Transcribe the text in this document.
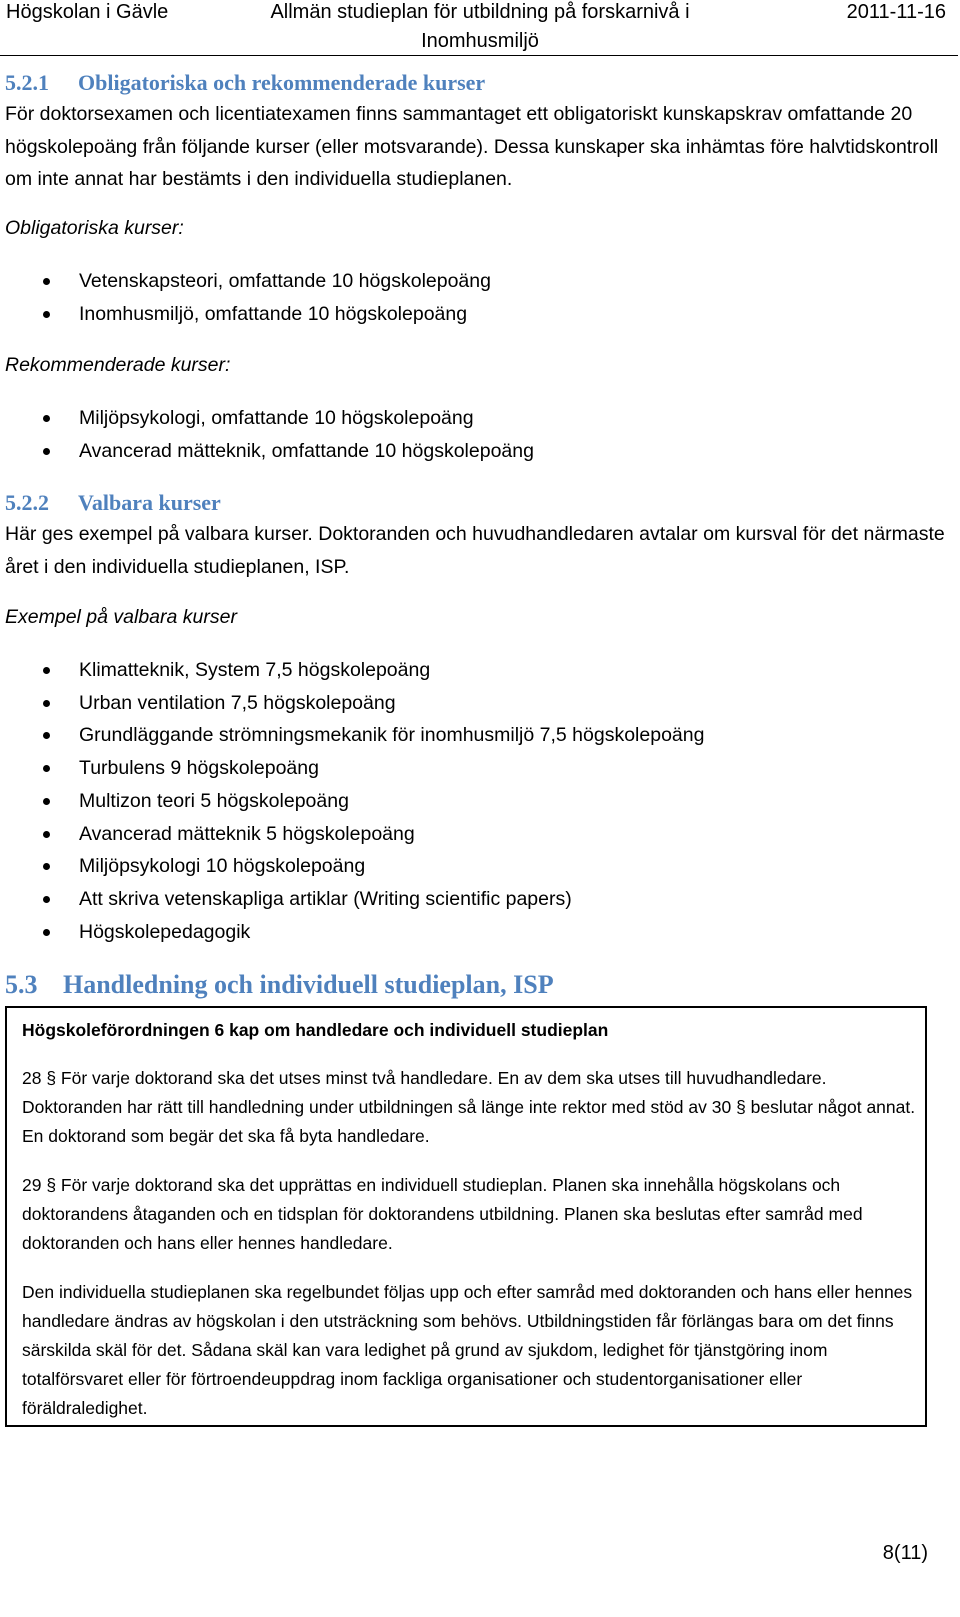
Högskolan i Gävle	Allmän studieplan för utbildning på forskarnivå i Inomhusmiljö
2011-11-16
5.2.1 Obligatoriska och rekommenderade kurser
För doktorsexamen och licentiatexamen finns sammantaget ett obligatoriskt kunskapskrav omfattande 20 högskolepoäng från följande kurser (eller motsvarande). Dessa kunskaper ska inhämtas före halvtidskontroll om inte annat har bestämts i den individuella studieplanen.
Obligatoriska kurser:
Vetenskapsteori, omfattande 10 högskolepoäng
Inomhusmiljö, omfattande 10 högskolepoäng
Rekommenderade kurser:
Miljöpsykologi, omfattande 10 högskolepoäng
Avancerad mätteknik, omfattande 10 högskolepoäng
5.2.2 Valbara kurser
Här ges exempel på valbara kurser. Doktoranden och huvudhandledaren avtalar om kursval för det närmaste året i den individuella studieplanen, ISP.
Exempel på valbara kurser
Klimatteknik, System 7,5 högskolepoäng
Urban ventilation 7,5 högskolepoäng
Grundläggande strömningsmekanik för inomhusmiljö 7,5 högskolepoäng
Turbulens 9 högskolepoäng
Multizon teori 5 högskolepoäng
Avancerad mätteknik 5 högskolepoäng
Miljöpsykologi 10 högskolepoäng
Att skriva vetenskapliga artiklar (Writing scientific papers)
Högskolepedagogik
5.3 Handledning och individuell studieplan, ISP
Högskoleförordningen 6 kap om handledare och individuell studieplan
28 § För varje doktorand ska det utses minst två handledare. En av dem ska utses till huvudhandledare. Doktoranden har rätt till handledning under utbildningen så länge inte rektor med stöd av 30 § beslutar något annat. En doktorand som begär det ska få byta handledare.
29 § För varje doktorand ska det upprättas en individuell studieplan. Planen ska innehålla högskolans och doktorandens åtaganden och en tidsplan för doktorandens utbildning. Planen ska beslutas efter samråd med doktoranden och hans eller hennes handledare.
Den individuella studieplanen ska regelbundet följas upp och efter samråd med doktoranden och hans eller hennes handledare ändras av högskolan i den utsträckning som behövs. Utbildningstiden får förlängas bara om det finns särskilda skäl för det. Sådana skäl kan vara ledighet på grund av sjukdom, ledighet för tjänstgöring inom totalförsvaret eller för förtroendeuppdrag inom fackliga organisationer och studentorganisationer eller föräldraledighet.
8(11)
